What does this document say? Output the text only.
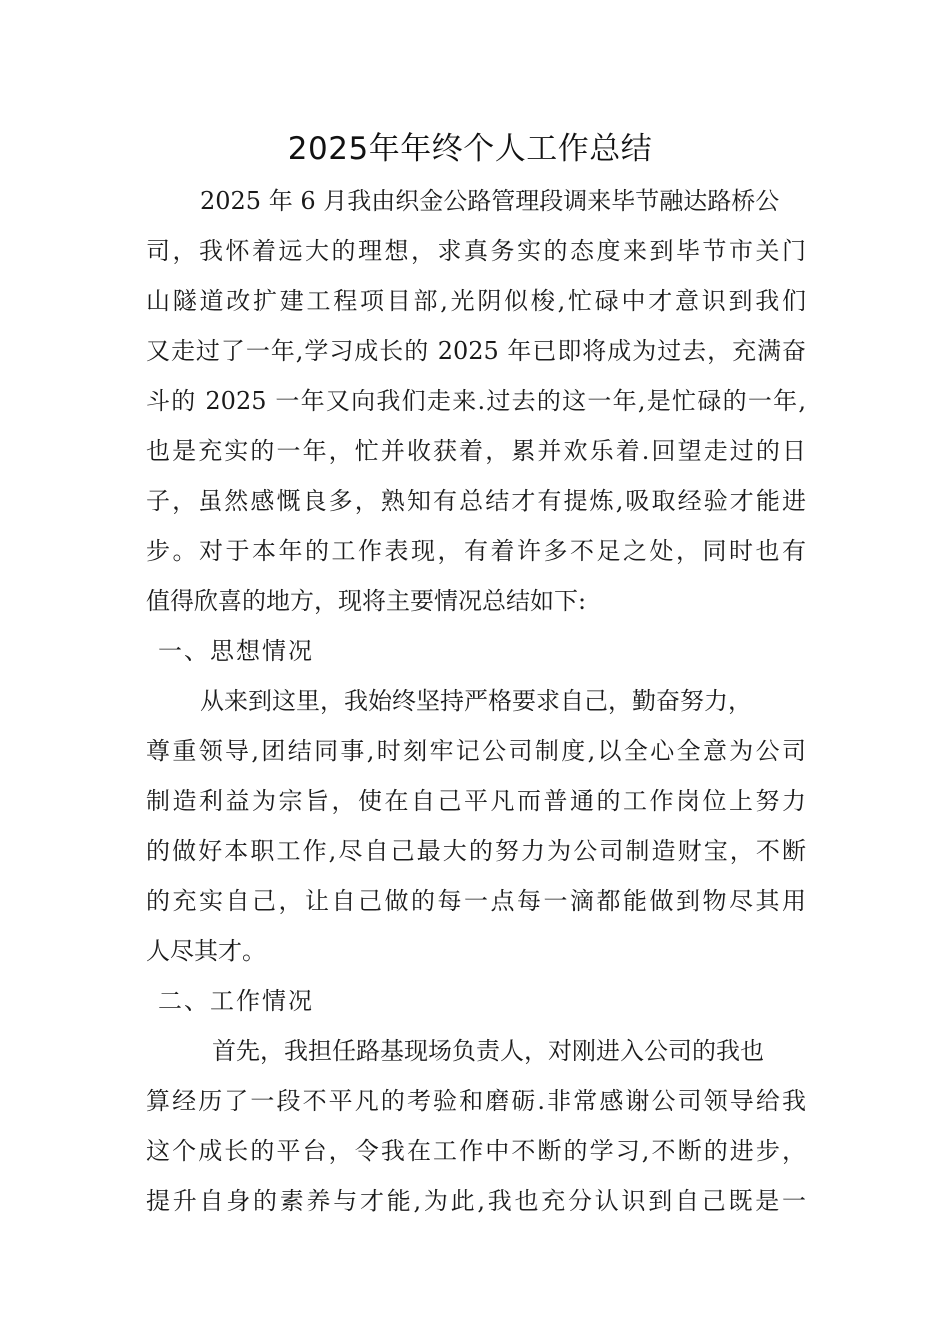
2025年年终个人工作总结
2025 年 6 月我由织金公路管理段调来毕节融达路桥公
司，我怀着远大的理想，求真务实的态度来到毕节市关门
山隧道改扩建工程项目部,光阴似梭,忙碌中才意识到我们
又走过了一年,学习成长的 2025 年已即将成为过去，充满奋
斗的 2025 一年又向我们走来.过去的这一年,是忙碌的一年,
也是充实的一年，忙并收获着，累并欢乐着.回望走过的日
子，虽然感慨良多，熟知有总结才有提炼,吸取经验才能进
步。对于本年的工作表现，有着许多不足之处，同时也有
值得欣喜的地方，现将主要情况总结如下:
一、思想情况
从来到这里，我始终坚持严格要求自己，勤奋努力，
尊重领导,团结同事,时刻牢记公司制度,以全心全意为公司
制造利益为宗旨，使在自己平凡而普通的工作岗位上努力
的做好本职工作,尽自己最大的努力为公司制造财宝，不断
的充实自己，让自己做的每一点每一滴都能做到物尽其用
人尽其才。
二、工作情况
首先，我担任路基现场负责人，对刚进入公司的我也
算经历了一段不平凡的考验和磨砺.非常感谢公司领导给我
这个成长的平台，令我在工作中不断的学习,不断的进步，
提升自身的素养与才能,为此,我也充分认识到自己既是一
